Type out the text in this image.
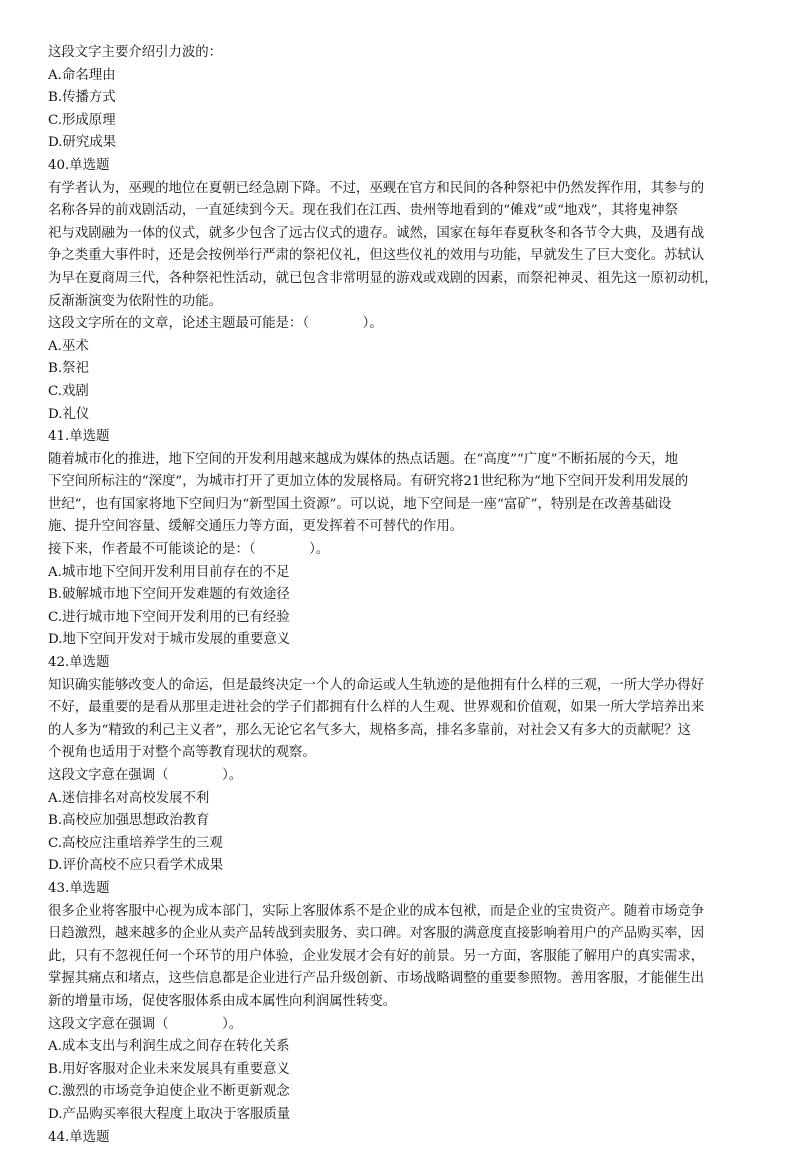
这段文字主要介绍引力波的：
A.命名理由
B.传播方式
C.形成原理
D.研究成果
40.单选题
有学者认为，巫觋的地位在夏朝已经急剧下降。不过，巫觋在官方和民间的各种祭祀中仍然发挥作用，其参与的
名称各异的前戏剧活动，一直延续到今天。现在我们在江西、贵州等地看到的“傩戏”或“地戏”，其将鬼神祭
祀与戏剧融为一体的仪式，就多少包含了远古仪式的遗存。诚然，国家在每年春夏秋冬和各节令大典，及遇有战
争之类重大事件时，还是会按例举行严肃的祭祀仪礼，但这些仪礼的效用与功能，早就发生了巨大变化。苏轼认
为早在夏商周三代，各种祭祀性活动，就已包含非常明显的游戏或戏剧的因素，而祭祀神灵、祖先这一原初动机，
反渐渐演变为依附性的功能。
这段文字所在的文章，论述主题最可能是：（　　　　）。
A.巫术
B.祭祀
C.戏剧
D.礼仪
41.单选题
随着城市化的推进，地下空间的开发利用越来越成为媒体的热点话题。在“高度”“广度”不断拓展的今天，地
下空间所标注的“深度”，为城市打开了更加立体的发展格局。有研究将21世纪称为“地下空间开发利用发展的
世纪”，也有国家将地下空间归为“新型国土资源”。可以说，地下空间是一座“富矿”，特别是在改善基础设
施、提升空间容量、缓解交通压力等方面，更发挥着不可替代的作用。
接下来，作者最不可能谈论的是：（　　　　）。
A.城市地下空间开发利用目前存在的不足
B.破解城市地下空间开发难题的有效途径
C.进行城市地下空间开发利用的已有经验
D.地下空间开发对于城市发展的重要意义
42.单选题
知识确实能够改变人的命运，但是最终决定一个人的命运或人生轨迹的是他拥有什么样的三观，一所大学办得好
不好，最重要的是看从那里走进社会的学子们都拥有什么样的人生观、世界观和价值观，如果一所大学培养出来
的人多为“精致的利己主义者”，那么无论它名气多大，规格多高，排名多靠前，对社会又有多大的贡献呢？这
个视角也适用于对整个高等教育现状的观察。
这段文字意在强调（　　　　）。
A.迷信排名对高校发展不利
B.高校应加强思想政治教育
C.高校应注重培养学生的三观
D.评价高校不应只看学术成果
43.单选题
很多企业将客服中心视为成本部门，实际上客服体系不是企业的成本包袱，而是企业的宝贵资产。随着市场竞争
日趋激烈，越来越多的企业从卖产品转战到卖服务、卖口碑。对客服的满意度直接影响着用户的产品购买率，因
此，只有不忽视任何一个环节的用户体验，企业发展才会有好的前景。另一方面，客服能了解用户的真实需求，
掌握其痛点和堵点，这些信息都是企业进行产品升级创新、市场战略调整的重要参照物。善用客服，才能催生出
新的增量市场，促使客服体系由成本属性向利润属性转变。
这段文字意在强调（　　　　）。
A.成本支出与利润生成之间存在转化关系
B.用好客服对企业未来发展具有重要意义
C.激烈的市场竞争迫使企业不断更新观念
D.产品购买率很大程度上取决于客服质量
44.单选题
